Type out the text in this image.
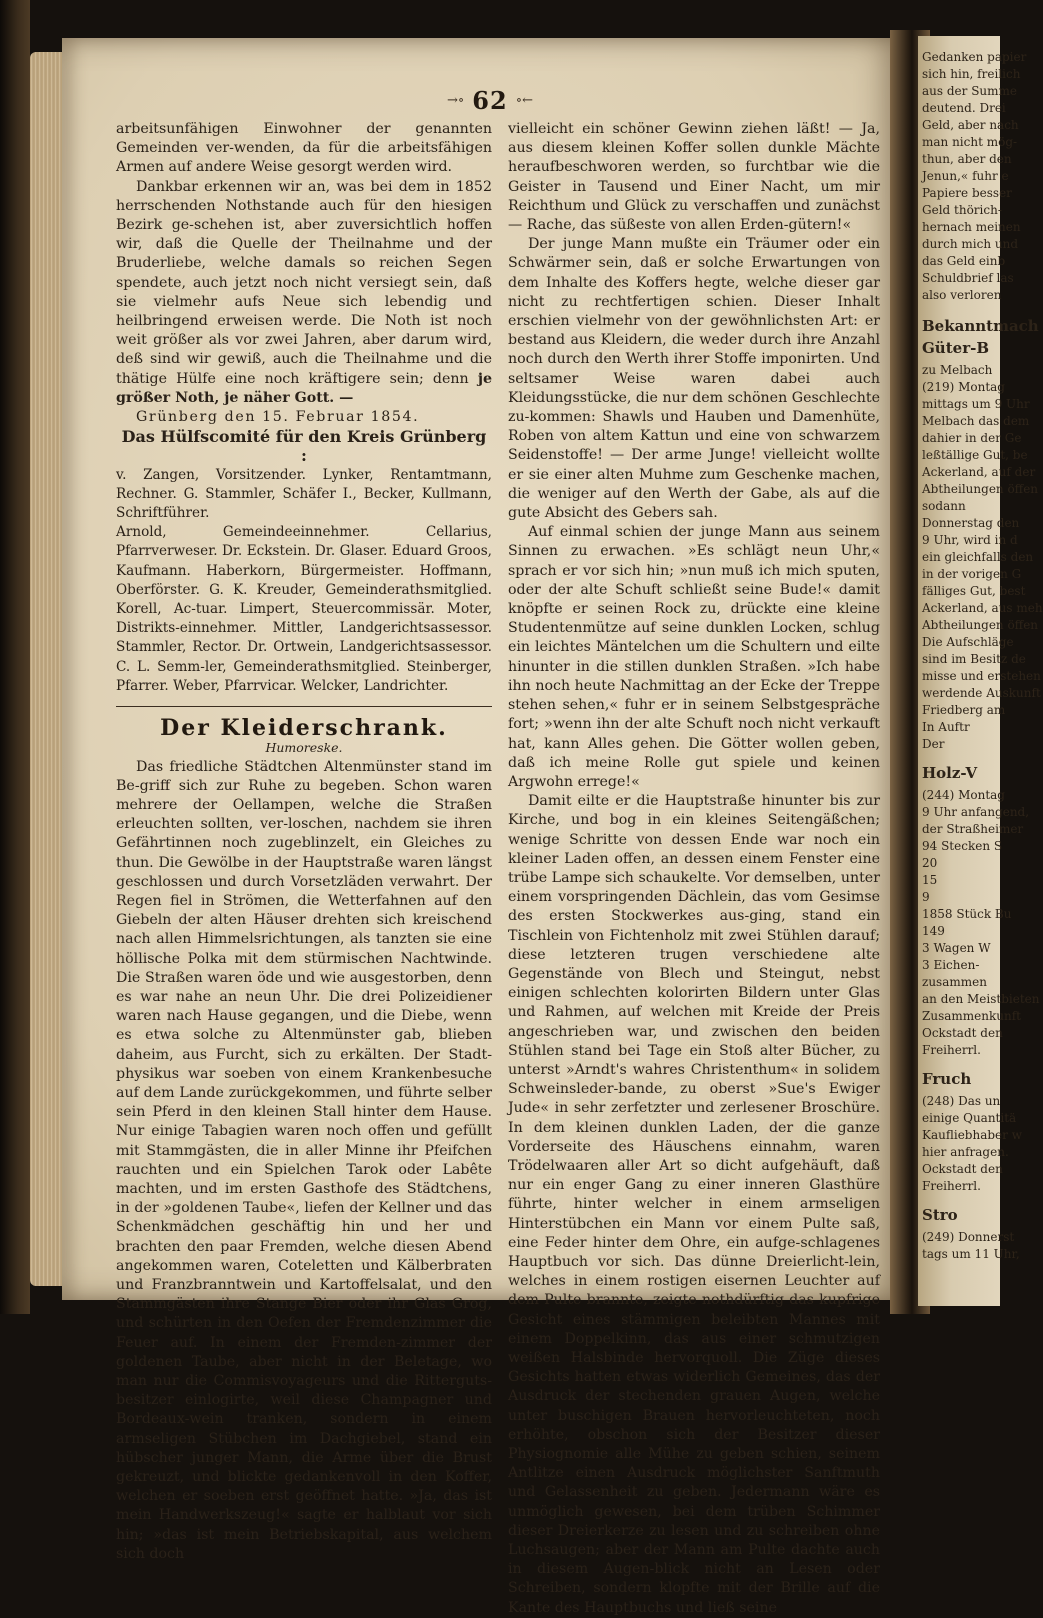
→∘ 62 ∘←

arbeitsunfähigen Einwohner der genannten Gemeinden ver-wenden, da für die arbeitsfähigen Armen auf andere Weise gesorgt werden wird.

Dankbar erkennen wir an, was bei dem in 1852 herrschenden Nothstande auch für den hiesigen Bezirk ge-schehen ist, aber zuversichtlich hoffen wir, daß die Quelle der Theilnahme und der Bruderliebe, welche damals so reichen Segen spendete, auch jetzt noch nicht versiegt sein, daß sie vielmehr aufs Neue sich lebendig und heilbringend erweisen werde. Die Noth ist noch weit größer als vor zwei Jahren, aber darum wird, deß sind wir gewiß, auch die Theilnahme und die thätige Hülfe eine noch kräftigere sein; denn je größer Noth, je näher Gott. —

Grünberg den 15. Februar 1854.

Das Hülfscomité für den Kreis Grünberg :

v. Zangen, Vorsitzender. Lynker, Rentamtmann, Rechner. G. Stammler, Schäfer I., Becker, Kullmann, Schriftführer.

Arnold, Gemeindeeinnehmer. Cellarius, Pfarrverweser. Dr. Eckstein. Dr. Glaser. Eduard Groos, Kaufmann. Haberkorn, Bürgermeister. Hoffmann, Oberförster. G. K. Kreuder, Gemeinderathsmitglied. Korell, Ac-tuar. Limpert, Steuercommissär. Moter, Distrikts-einnehmer. Mittler, Landgerichtsassessor. Stammler, Rector. Dr. Ortwein, Landgerichtsassessor. C. L. Semm-ler, Gemeinderathsmitglied. Steinberger, Pfarrer. Weber, Pfarrvicar. Welcker, Landrichter.

Der Kleiderschrank.

Humoreske.

Das friedliche Städtchen Altenmünster stand im Be-griff sich zur Ruhe zu begeben. Schon waren mehrere der Oellampen, welche die Straßen erleuchten sollten, ver-loschen, nachdem sie ihren Gefährtinnen noch zugeblinzelt, ein Gleiches zu thun. Die Gewölbe in der Hauptstraße waren längst geschlossen und durch Vorsetzläden verwahrt. Der Regen fiel in Strömen, die Wetterfahnen auf den Giebeln der alten Häuser drehten sich kreischend nach allen Himmelsrichtungen, als tanzten sie eine höllische Polka mit dem stürmischen Nachtwinde. Die Straßen waren öde und wie ausgestorben, denn es war nahe an neun Uhr. Die drei Polizeidiener waren nach Hause gegangen, und die Diebe, wenn es etwa solche zu Altenmünster gab, blieben daheim, aus Furcht, sich zu erkälten. Der Stadt-physikus war soeben von einem Krankenbesuche auf dem Lande zurückgekommen, und führte selber sein Pferd in den kleinen Stall hinter dem Hause. Nur einige Tabagien waren noch offen und gefüllt mit Stammgästen, die in aller Minne ihr Pfeifchen rauchten und ein Spielchen Tarok oder Labête machten, und im ersten Gasthofe des Städtchens, in der »goldenen Taube«, liefen der Kellner und das Schenkmädchen geschäftig hin und her und brachten den paar Fremden, welche diesen Abend angekommen waren, Coteletten und Kälberbraten und Franzbranntwein und Kartoffelsalat, und den Stammgästen ihre Stange Bier oder ihr Glas Grog, und schürten in den Oefen der Fremdenzimmer die Feuer auf. In einem der Fremden-zimmer der goldenen Taube, aber nicht in der Beletage, wo man nur die Commisvoyageurs und die Ritterguts-besitzer einlogirte, weil diese Champagner und Bordeaux-wein tranken, sondern in einem armseligen Stübchen im Dachgiebel, stand ein hübscher junger Mann, die Arme über die Brust gekreuzt, und blickte gedankenvoll in den Koffer, welchen er soeben erst geöffnet hatte. »Ja, das ist mein Handwerkszeug!« sagte er halblaut vor sich hin; »das ist mein Betriebskapital, aus welchem sich doch

vielleicht ein schöner Gewinn ziehen läßt! — Ja, aus diesem kleinen Koffer sollen dunkle Mächte heraufbeschworen werden, so furchtbar wie die Geister in Tausend und Einer Nacht, um mir Reichthum und Glück zu verschaffen und zunächst — Rache, das süßeste von allen Erden-gütern!«

Der junge Mann mußte ein Träumer oder ein Schwärmer sein, daß er solche Erwartungen von dem Inhalte des Koffers hegte, welche dieser gar nicht zu rechtfertigen schien. Dieser Inhalt erschien vielmehr von der gewöhnlichsten Art: er bestand aus Kleidern, die weder durch ihre Anzahl noch durch den Werth ihrer Stoffe imponirten. Und seltsamer Weise waren dabei auch Kleidungsstücke, die nur dem schönen Geschlechte zu-kommen: Shawls und Hauben und Damenhüte, Roben von altem Kattun und eine von schwarzem Seidenstoffe! — Der arme Junge! vielleicht wollte er sie einer alten Muhme zum Geschenke machen, die weniger auf den Werth der Gabe, als auf die gute Absicht des Gebers sah.

Auf einmal schien der junge Mann aus seinem Sinnen zu erwachen. »Es schlägt neun Uhr,« sprach er vor sich hin; »nun muß ich mich sputen, oder der alte Schuft schließt seine Bude!« damit knöpfte er seinen Rock zu, drückte eine kleine Studentenmütze auf seine dunklen Locken, schlug ein leichtes Mäntelchen um die Schultern und eilte hinunter in die stillen dunklen Straßen. »Ich habe ihn noch heute Nachmittag an der Ecke der Treppe stehen sehen,« fuhr er in seinem Selbstgespräche fort; »wenn ihn der alte Schuft noch nicht verkauft hat, kann Alles gehen. Die Götter wollen geben, daß ich meine Rolle gut spiele und keinen Argwohn errege!«

Damit eilte er die Hauptstraße hinunter bis zur Kirche, und bog in ein kleines Seitengäßchen; wenige Schritte von dessen Ende war noch ein kleiner Laden offen, an dessen einem Fenster eine trübe Lampe sich schaukelte. Vor demselben, unter einem vorspringenden Dächlein, das vom Gesimse des ersten Stockwerkes aus-ging, stand ein Tischlein von Fichtenholz mit zwei Stühlen darauf; diese letzteren trugen verschiedene alte Gegenstände von Blech und Steingut, nebst einigen schlechten kolorirten Bildern unter Glas und Rahmen, auf welchen mit Kreide der Preis angeschrieben war, und zwischen den beiden Stühlen stand bei Tage ein Stoß alter Bücher, zu unterst »Arndt's wahres Christenthum« in solidem Schweinsleder-bande, zu oberst »Sue's Ewiger Jude« in sehr zerfetzter und zerlesener Broschüre. In dem kleinen dunklen Laden, der die ganze Vorderseite des Häuschens einnahm, waren Trödelwaaren aller Art so dicht aufgehäuft, daß nur ein enger Gang zu einer inneren Glasthüre führte, hinter welcher in einem armseligen Hinterstübchen ein Mann vor einem Pulte saß, eine Feder hinter dem Ohre, ein aufge-schlagenes Hauptbuch vor sich. Das dünne Dreierlicht-lein, welches in einem rostigen eisernen Leuchter auf dem Pulte brannte, zeigte nothdürftig das kupfrige Gesicht eines stämmigen beleibten Mannes mit einem Doppelkinn, das aus einer schmutzigen weißen Halsbinde hervorquoll. Die Züge dieses Gesichts hatten etwas widerlich Gemeines, das der Ausdruck der stechenden grauen Augen, welche unter buschigen Brauen hervorleuchteten, noch erhöhte, obschon sich der Besitzer dieser Physiognomie alle Mühe zu geben schien, seinem Antlitze einen Ausdruck möglichster Sanftmuth und Gelassenheit zu geben. Jedermann wäre es unmöglich gewesen, bei dem trüben Schimmer dieser Dreierkerze zu lesen und zu schreiben ohne Luchsaugen; aber der Mann am Pulte dachte auch in diesem Augen-blick nicht an Lesen oder Schreiben, sondern klopfte mit der Brille auf die Kante des Hauptbuchs und ließ seine

Gedanken papier
sich hin, freilich
aus der Summe
deutend. Drei
Geld, aber nach
man nicht mög-
thun, aber den
Jenun,« fuhr e
Papiere besser
Geld thörich-
hernach meinen
durch mich und
das Geld einb
Schuldbrief las
also verloren
Bekanntmach
Güter-B
zu Melbach
(219) Montag
mittags um 9 Uhr
Melbach das dem
dahier in der Ge
leßtällige Gut, be
Ackerland, auf der
Abtheilungen öffen
sodann
Donnerstag den
9 Uhr, wird in d
ein gleichfalls den
in der vorigen G
fälliges Gut, best
Ackerland, aus meh
Abtheilungen öffen
Die Aufschläge
sind im Besitz de
misse und erstehen
werdende Auskunft
Friedberg am
In Auftr
Der
Holz-V
(244) Montag
9 Uhr anfangend,
der Straßheimer
94 Stecken S
20
15
9
1858 Stück Bu
149
3 Wagen W
3 Eichen-
zusammen
an den Meistbieten
Zusammenkunft
Ockstadt den
Freiherrl.
Fruch
(248) Das un
einige Quantitä
Kaufliebhaber w
hier anfragen.
Ockstadt den
Freiherrl.
Stro
(249) Donnerst
tags um 11 Uhr,
